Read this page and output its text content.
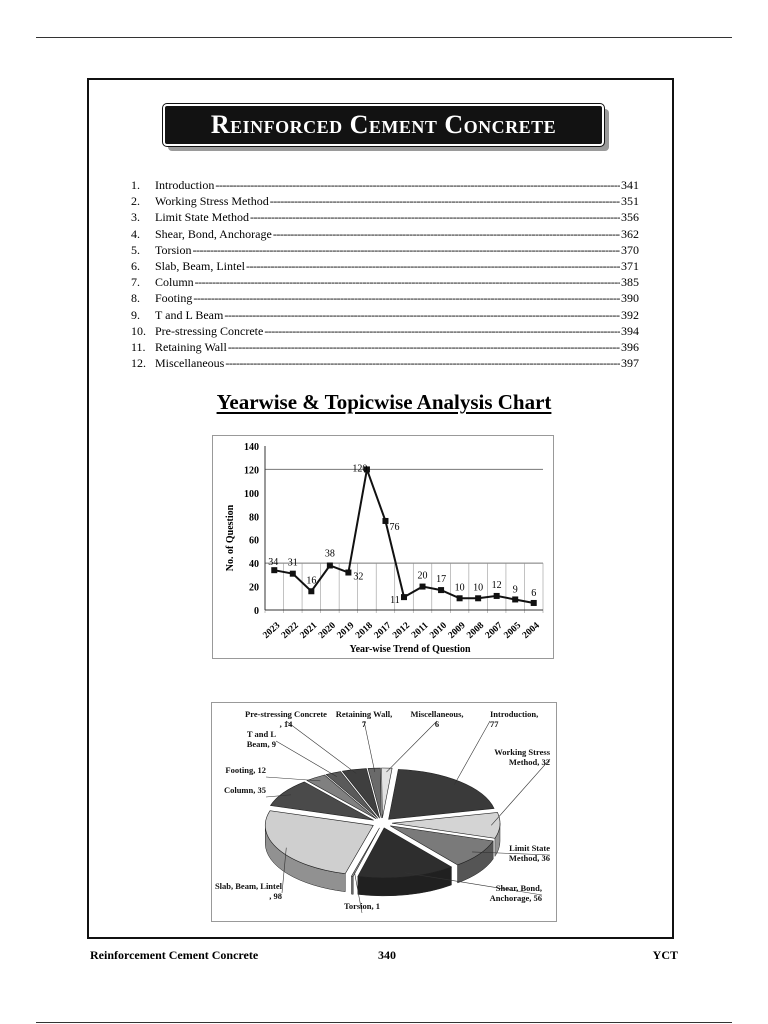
Reinforced Cement Concrete
1.	Introduction -----	341
2.	Working Stress Method -----	351
3.	Limit State Method -----	356
4.	Shear, Bond, Anchorage -----	362
5.	Torsion -----	370
6.	Slab, Beam, Lintel -----	371
7.	Column -----	385
8.	Footing -----	390
9.	T and L Beam -----	392
10. Pre-stressing Concrete -----	394
11. Retaining Wall -----	396
12. Miscellaneous -----	397
Yearwise & Topicwise Analysis Chart
0
20
40
60
80
100
120
140
2023
2022
2021
2020
2019
2018
2017
2012
2011
2010
2009
2008
2007
2005
2004
34 31
16
38
32
120
76
11
20 17
10 10 12 9 6
Year-wise Trend of Question
No. of Question
Introduction, 77
Working Stress Method, 32
Limit State Method, 36
Shear, Bond, Anchorage, 56
Torsion, 1
Slab, Beam, Lintel , 98
Column, 35
Footing, 12
T and L Beam, 9
Pre-stressing Concrete , 14
Retaining Wall, 7
Miscellaneous, 6
Reinforcement Cement Concrete	340	YCT
